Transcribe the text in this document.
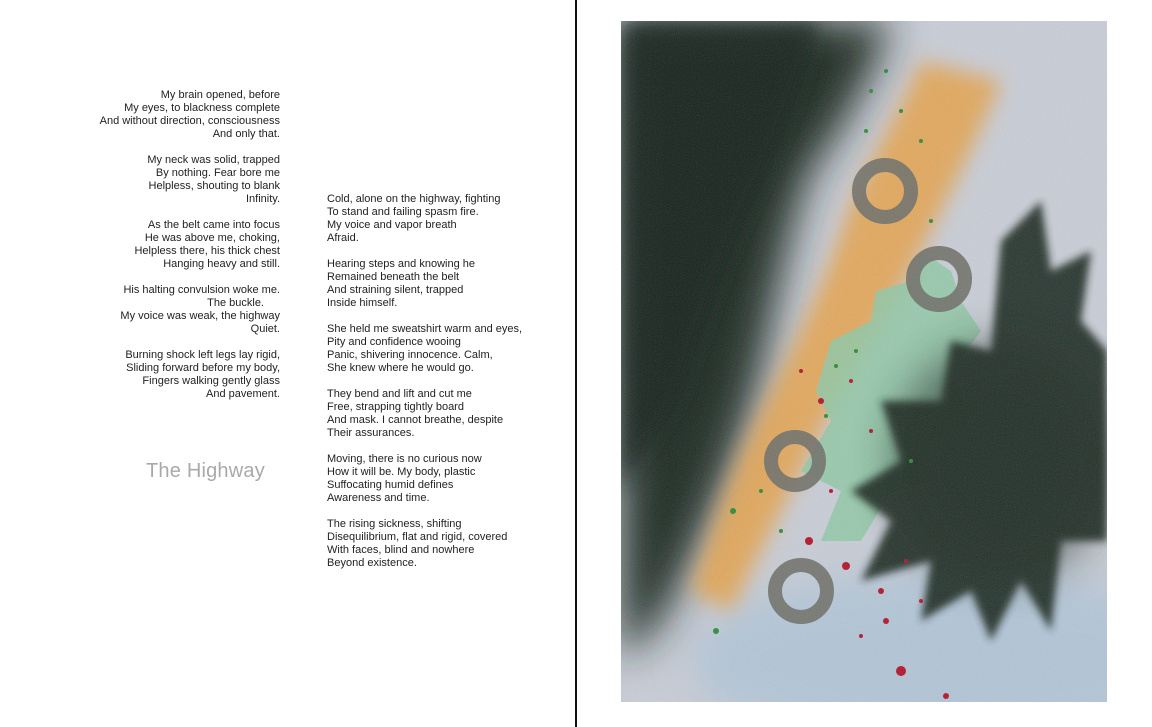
My brain opened, before
My eyes, to blackness complete
And without direction, consciousness
And only that.
My neck was solid, trapped
By nothing. Fear bore me
Helpless, shouting to blank
Infinity.
As the belt came into focus
He was above me, choking,
Helpless there, his thick chest
Hanging heavy and still.
His halting convulsion woke me.
The buckle.
My voice was weak, the highway
Quiet.
Burning shock left legs lay rigid,
Sliding forward before my body,
Fingers walking gently glass
And pavement.
The Highway
Cold, alone on the highway, fighting
To stand and failing spasm fire.
My voice and vapor breath
Afraid.
Hearing steps and knowing he
Remained beneath the belt
And straining silent, trapped
Inside himself.
She held me sweatshirt warm and eyes,
Pity and confidence wooing
Panic, shivering innocence. Calm,
She knew where he would go.
They bend and lift and cut me
Free, strapping tightly board
And mask. I cannot breathe, despite
Their assurances.
Moving, there is no curious now
How it will be. My body, plastic
Suffocating humid defines
Awareness and time.
The rising sickness, shifting
Disequilibrium, flat and rigid, covered
With faces, blind and nowhere
Beyond existence.
